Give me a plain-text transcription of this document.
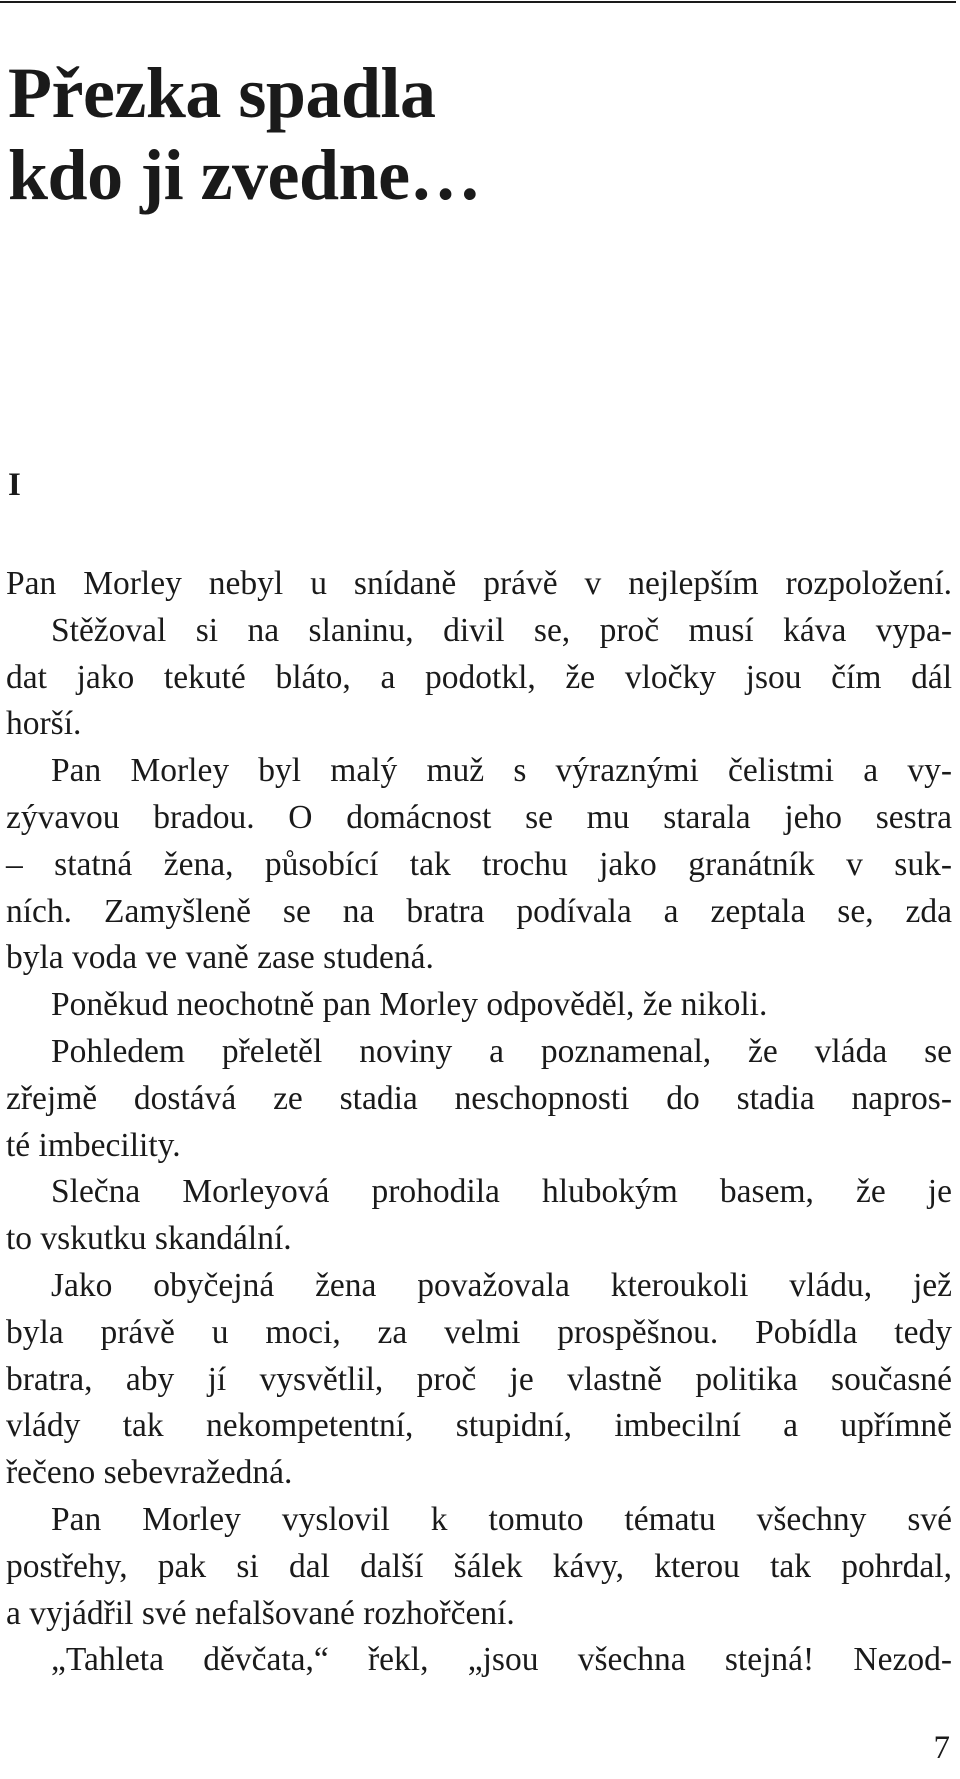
Přezka spadla
kdo ji zvedne…
I
Pan Morley nebyl u snídaně právě v nejlepším rozpoložení.
Stěžoval si na slaninu, divil se, proč musí káva vypa-
dat jako tekuté bláto, a podotkl, že vločky jsou čím dál
horší.
Pan Morley byl malý muž s výraznými čelistmi a vy-
zývavou bradou. O domácnost se mu starala jeho sestra
– statná žena, působící tak trochu jako granátník v suk-
ních. Zamyšleně se na bratra podívala a zeptala se, zda
byla voda ve vaně zase studená.
Poněkud neochotně pan Morley odpověděl, že nikoli.
Pohledem přeletěl noviny a poznamenal, že vláda se
zřejmě dostává ze stadia neschopnosti do stadia napros-
té imbecility.
Slečna Morleyová prohodila hlubokým basem, že je
to vskutku skandální.
Jako obyčejná žena považovala kteroukoli vládu, jež
byla právě u moci, za velmi prospěšnou. Pobídla tedy
bratra, aby jí vysvětlil, proč je vlastně politika současné
vlády tak nekompetentní, stupidní, imbecilní a upřímně
řečeno sebevražedná.
Pan Morley vyslovil k tomuto tématu všechny své
postřehy, pak si dal další šálek kávy, kterou tak pohrdal,
a vyjádřil své nefalšované rozhořčení.
„Tahleta děvčata,“ řekl, „jsou všechna stejná! Nezod-
7
